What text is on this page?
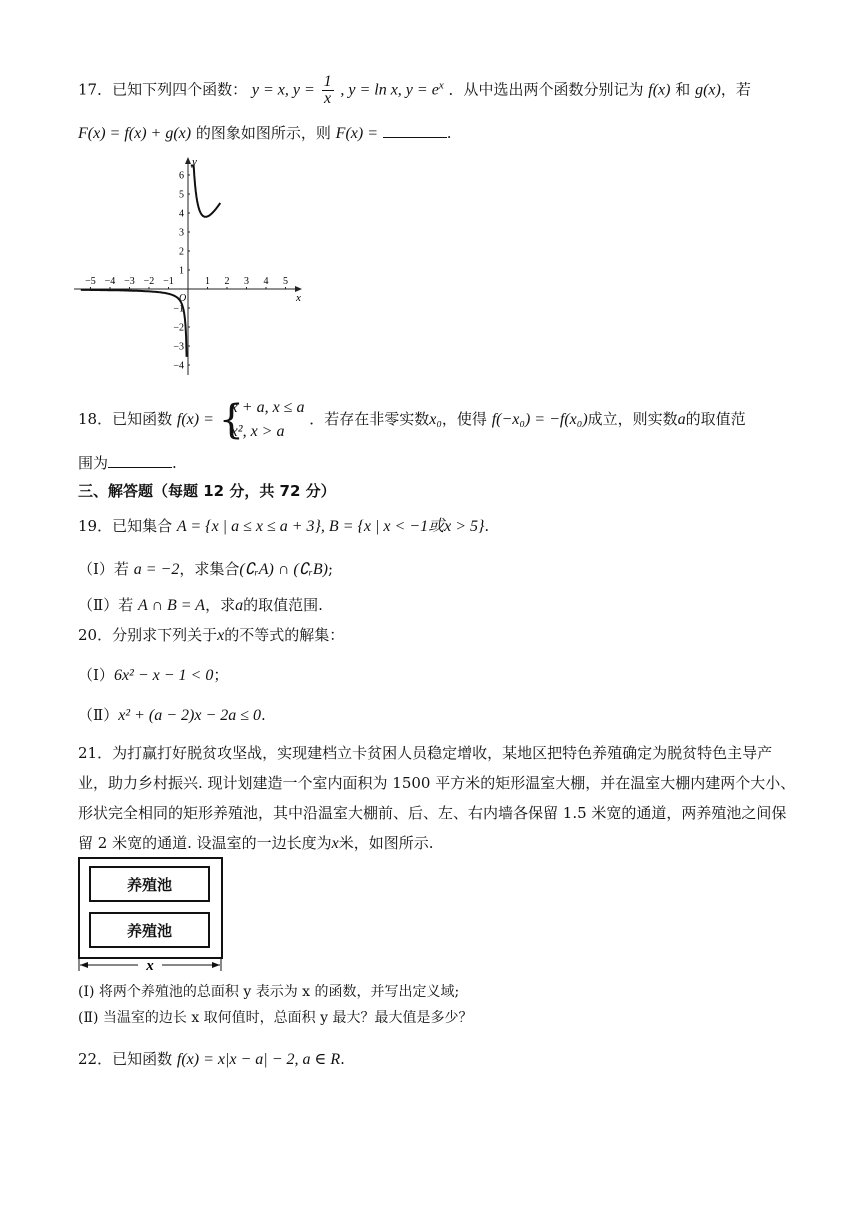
17．已知下列四个函数： y = x, $y = \frac{1}{x}$ , y = ln x, $y = e^x$ ．从中选出两个函数分别记为 f(x) 和 g(x)，若
F(x) = f(x) + g(x) 的图象如图所示，则 F(x) =	.
−5 −4 −3 −2 −1	1 2 3 4 5
6
5
4
3
2
1
−1
−2
−3
−4
x
y
O
18．已知函数 f(x) = {
x + a, x ≤ a
x², x > a
．若存在非零实数x₀，使得 f(−x₀) = −f(x₀)成立，则实数a的取值范
围为	.
三、解答题（每题 12 分，共 72 分）
19．已知集合 A = {x | a ≤ x ≤ a + 3}, B = {x | x < −1或x > 5}.
（Ⅰ）若 a = −2，求集合(∁ᵣA) ∩ (∁ᵣB);
（Ⅱ）若 A ∩ B = A，求a的取值范围.
20．分别求下列关于x的不等式的解集：
（Ⅰ）6x² − x − 1 < 0；
（Ⅱ）x² + (a − 2)x − 2a ≤ 0.
21．为打赢打好脱贫攻坚战，实现建档立卡贫困人员稳定增收，某地区把特色养殖确定为脱贫特色主导产
业，助力乡村振兴. 现计划建造一个室内面积为 1500 平方米的矩形温室大棚，并在温室大棚内建两个大小、
形状完全相同的矩形养殖池，其中沿温室大棚前、后、左、右内墙各保留 1.5 米宽的通道，两养殖池之间保
留 2 米宽的通道. 设温室的一边长度为x米，如图所示.
养殖池
养殖池
x
(I) 将两个养殖池的总面积 y 表示为 x 的函数，并写出定义域;
(Ⅱ) 当温室的边长 x 取何值时，总面积 y 最大？最大值是多少？
22．已知函数 f(x) = x|x − a| − 2, a ∈ R.
